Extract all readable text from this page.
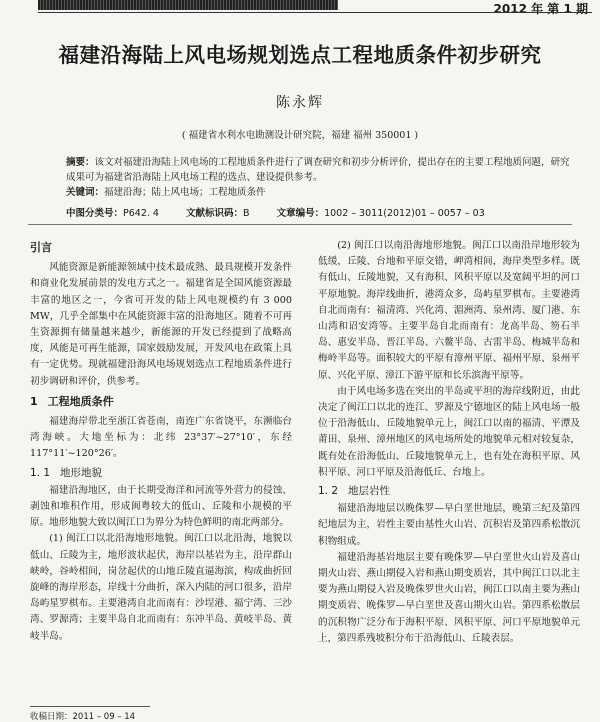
2012 年 第 1 期
福建沿海陆上风电场规划选点工程地质条件初步研究
陈永辉
( 福建省水利水电勘测设计研究院，福建 福州 350001 )
摘要：该文对福建沿海陆上风电场的工程地质条件进行了调查研究和初步分析评价，提出存在的主要工程地质问题，研究成果可为福建省沿海陆上风电场工程的选点、建设提供参考。
关键词：福建沿海；陆上风电场；工程地质条件
中图分类号：P642. 4	文献标识码：B	文章编号：1002 – 3011(2012)01 – 0057 – 03
引言

风能资源是新能源领域中技术最成熟、最具规模开发条件和商业化发展前景的发电方式之一。福建省是全国风能资源最丰富的地区之一，今省可开发的陆上风电规模约有 3 000 MW，几乎全部集中在风能资源丰富的沿海地区。随着不可再生资源拥有储量越来越少，新能源的开发已经提到了战略高度，风能是可再生能源，国家鼓励发展，开发风电在政策上具有一定优势。现就福建沿海风电场规划选点工程地质条件进行初步调研和评价，供参考。

1 工程地质条件

福建海岸带北至浙江省苍南，南连广东省饶平，东濒临台湾海峡。大地坐标为：北纬 23°37′~27°10′，东经 117°11′~120°26′。

1. 1 地形地貌

福建沿海地区，由于长期受海洋和河流等外营力的侵蚀、剥蚀和堆积作用，形成闽粤较大的低山、丘陵和小规模的平原。地形地貌大致以闽江口为界分为特色鲜明的南北两部分。

(1) 闽江口以北沿海地形地貌。闽江口以北沿海，地貌以低山、丘陵为主，地形波状起伏，海岸以基岩为主，沿岸群山峡岭，谷岭相间，岗岔起伏的山地丘陵直逼海滨，构成曲折回旋峰的海岸形态，岸线十分曲折，深入内陆的河口很多，沿岸岛屿星罗棋布。主要港湾自北而南有：沙埕港、福宁湾、三沙湾、罗源湾；主要半岛自北而南有：东冲半岛、黄岐半岛、黄岐半岛。

(2) 闽江口以南沿海地形地貌。闽江口以南沿岸地形较为低缓，丘陵、台地和平原交错，岬湾相间，海岸类型多样。既有低山、丘陵地貌，又有海积、风积平原以及宽阔平坦的河口平原地貌。海岸线曲折，港湾众多，岛屿星罗棋布。主要港湾自北而南有：福清湾、兴化湾、湄洲湾、泉州湾、厦门港、东山湾和诏安湾等。主要半岛自北而南有：龙高半岛、笏石半岛、惠安半岛、晋江半岛、六鳌半岛、古雷半岛、梅城半岛和梅岭半岛等。面积较大的平原有漳州平原、福州平原、泉州平原、兴化平原、漳江下游平原和长乐滨海平原等。

由于风电场多选在突出的半岛或平坦的海岸线附近，由此决定了闽江口以北的连江、罗源及宁德地区的陆上风电场一般位于沿海低山、丘陵地貌单元上，闽江口以南的福清、平潭及莆田、泉州、漳州地区的风电场所处的地貌单元相对较复杂，既有处在沿海低山、丘陵地貌单元上，也有处在海积平原、风积平原、河口平原及沿海低丘、台地上。

1. 2 地层岩性

福建沿海地层以晚侏罗—早白垩世地层，晚第三纪及第四纪地层为主，岩性主要由基性火山岩、沉积岩及第四系松散沉积物组成。

福建沿海基岩地层主要有晚侏罗—早白垩世火山岩及喜山期火山岩、燕山期侵入岩和燕山期变质岩，其中闽江口以北主要为燕山期侵入岩及晚侏罗世火山岩，闽江口以南主要为燕山期变质岩、晚侏罗—早白垩世及喜山期火山岩。第四系松散层的沉积物广泛分布于海积平原、风积平原、河口平原地貌单元上，第四系残坡积分布于沿海低山、丘陵表层。

收稿日期：2011 – 09 – 14
